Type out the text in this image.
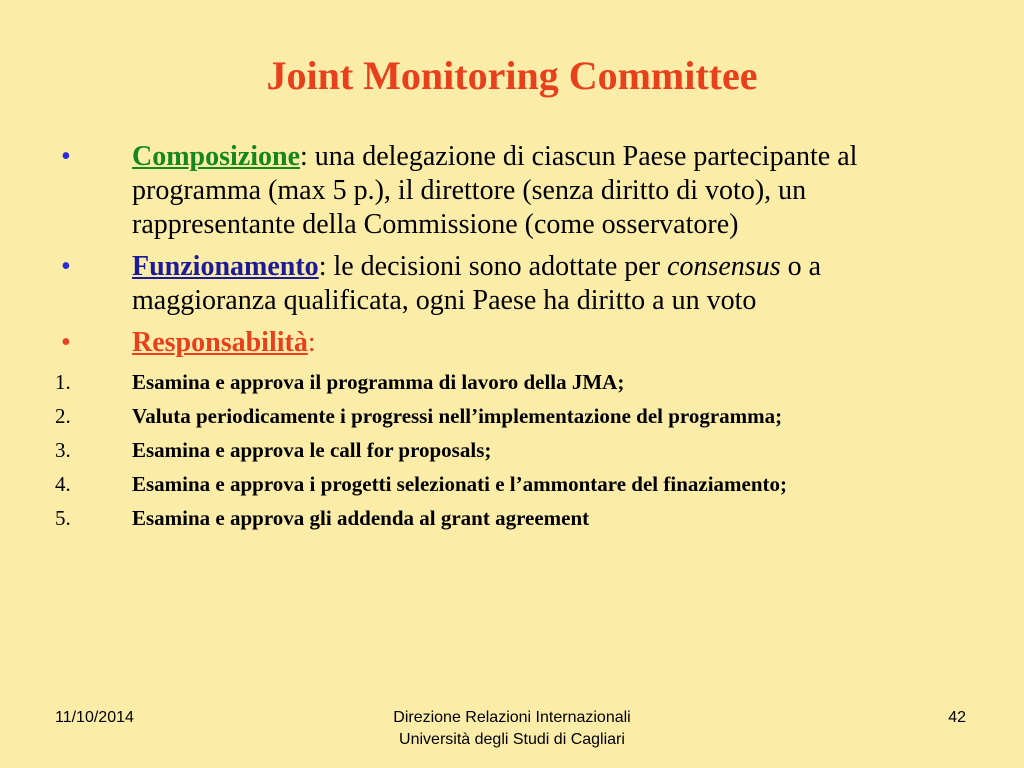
Joint Monitoring Committee
• Composizione: una delegazione di ciascun Paese partecipante al programma (max 5 p.), il direttore (senza diritto di voto), un rappresentante della Commissione (come osservatore)
• Funzionamento: le decisioni sono adottate per consensus o a maggioranza qualificata, ogni Paese ha diritto a un voto
• Responsabilità:
1.	Esamina e approva il programma di lavoro della JMA;
2.	Valuta periodicamente i progressi nell’implementazione del programma;
3.	Esamina e approva le call for proposals;
4.	Esamina e approva i progetti selezionati e l’ammontare del finaziamento;
5.	Esamina e approva gli addenda al grant agreement
11/10/2014	Direzione Relazioni Internazionali
Università degli Studi di Cagliari
42
